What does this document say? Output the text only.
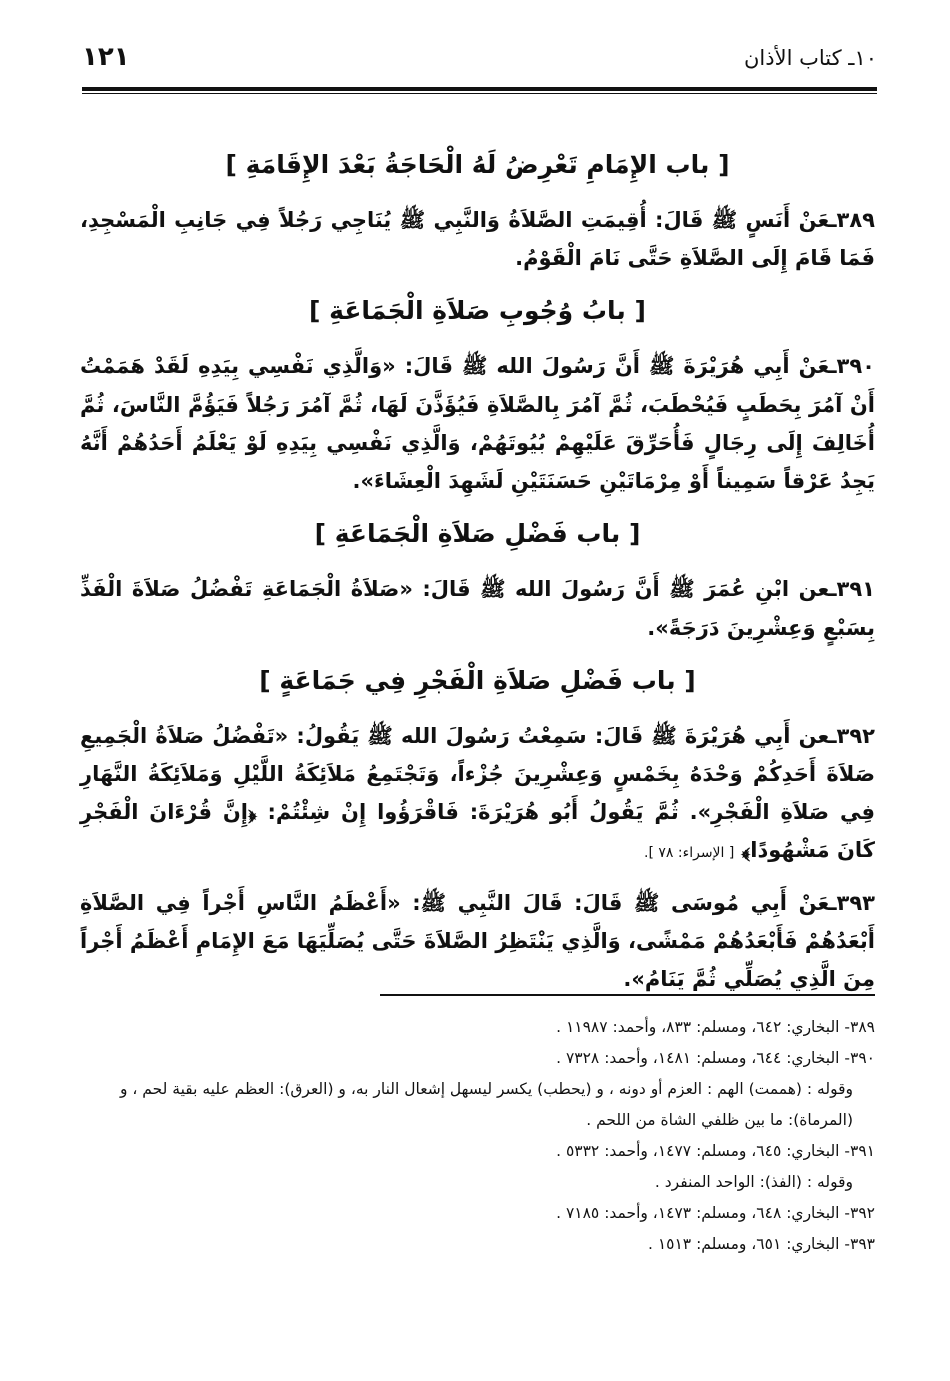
١٢١	١٠ـ كتاب الأذان

[ باب الإِمَامِ تَعْرِضُ لَهُ الْحَاجَةُ بَعْدَ الإِقَامَةِ ]

٣٨٩ـعَنْ أَنَسٍ ﷺ قَالَ: أُقِيمَتِ الصَّلاَةُ وَالنَّبِي ﷺ يُنَاجِي رَجُلاً فِي جَانِبِ الْمَسْجِدِ، فَمَا قَامَ إِلَى الصَّلاَةِ حَتَّى نَامَ الْقَوْمُ.

[ بابُ وُجُوبِ صَلاَةِ الْجَمَاعَةِ ]

٣٩٠ـعَنْ أَبِي هُرَيْرَةَ ﷺ أَنَّ رَسُولَ الله ﷺ قَالَ: «وَالَّذِي نَفْسِي بِيَدِهِ لَقَدْ هَمَمْتُ أَنْ آمُرَ بِحَطَبٍ فَيُحْطَبَ، ثُمَّ آمُرَ بِالصَّلاَةِ فَيُؤَذَّنَ لَهَا، ثُمَّ آمُرَ رَجُلاً فَيَؤُمَّ النَّاسَ، ثُمَّ أُخَالِفَ إِلَى رِجَالٍ فَأُحَرِّقَ عَلَيْهِمْ بُيُوتَهُمْ، وَالَّذِي نَفْسِي بِيَدِهِ لَوْ يَعْلَمُ أَحَدُهُمْ أَنَّهُ يَجِدُ عَرْقاً سَمِيناً أَوْ مِرْمَاتَيْنِ حَسَنَتَيْنِ لَشَهِدَ الْعِشَاءَ».

[ باب فَضْلِ صَلاَةِ الْجَمَاعَةِ ]

٣٩١ـعن ابْنِ عُمَرَ ﷺ أَنَّ رَسُولَ الله ﷺ قَالَ: «صَلاَةُ الْجَمَاعَةِ تَفْضُلُ صَلاَةَ الْفَذِّ بِسَبْعٍ وَعِشْرِينَ دَرَجَةً».

[ باب فَضْلِ صَلاَةِ الْفَجْرِ فِي جَمَاعَةٍ ]

٣٩٢ـعن أَبِي هُرَيْرَةَ ﷺ قَالَ: سَمِعْتُ رَسُولَ الله ﷺ يَقُولُ: «تَفْضُلُ صَلاَةُ الْجَمِيعِ صَلاَةَ أَحَدِكُمْ وَحْدَهُ بِخَمْسٍ وَعِشْرِينَ جُزْءاً، وَتَجْتَمِعُ مَلاَئِكَةُ اللَّيْلِ وَمَلاَئِكَةُ النَّهَارِ فِي صَلاَةِ الْفَجْرِ». ثُمَّ يَقُولُ أَبُو هُرَيْرَةَ: فَاقْرَؤُوا إِنْ شِئْتُمْ: ﴿إِنَّ قُرْءَانَ الْفَجْرِ كَانَ مَشْهُودًا﴾ [ الإسراء: ٧٨ ].

٣٩٣ـعَنْ أَبِي مُوسَى ﷺ قَالَ: قَالَ النَّبِي ﷺ: «أَعْظَمُ النَّاسِ أَجْراً فِي الصَّلاَةِ أَبْعَدُهُمْ فَأَبْعَدُهُمْ مَمْشًى، وَالَّذِي يَنْتَظِرُ الصَّلاَةَ حَتَّى يُصَلِّيَهَا مَعَ الإِمَامِ أَعْظَمُ أَجْراً مِنَ الَّذِي يُصَلِّي ثُمَّ يَنَامُ».

٣٨٩- البخاري: ٦٤٢، ومسلم: ٨٣٣، وأحمد: ١١٩٨٧ .

٣٩٠- البخاري: ٦٤٤، ومسلم: ١٤٨١، وأحمد: ٧٣٢٨ .

وقوله : (هممت) الهم : العزم أو دونه ، و (يحطب) يكسر ليسهل إشعال النار به، و (العرق): العظم عليه بقية لحم ، و (المرماة): ما بين ظلفي الشاة من اللحم .

٣٩١- البخاري: ٦٤٥، ومسلم: ١٤٧٧، وأحمد: ٥٣٣٢ .

وقوله : (الفذ): الواحد المنفرد .

٣٩٢- البخاري: ٦٤٨، ومسلم: ١٤٧٣، وأحمد: ٧١٨٥ .

٣٩٣- البخاري: ٦٥١، ومسلم: ١٥١٣ .
